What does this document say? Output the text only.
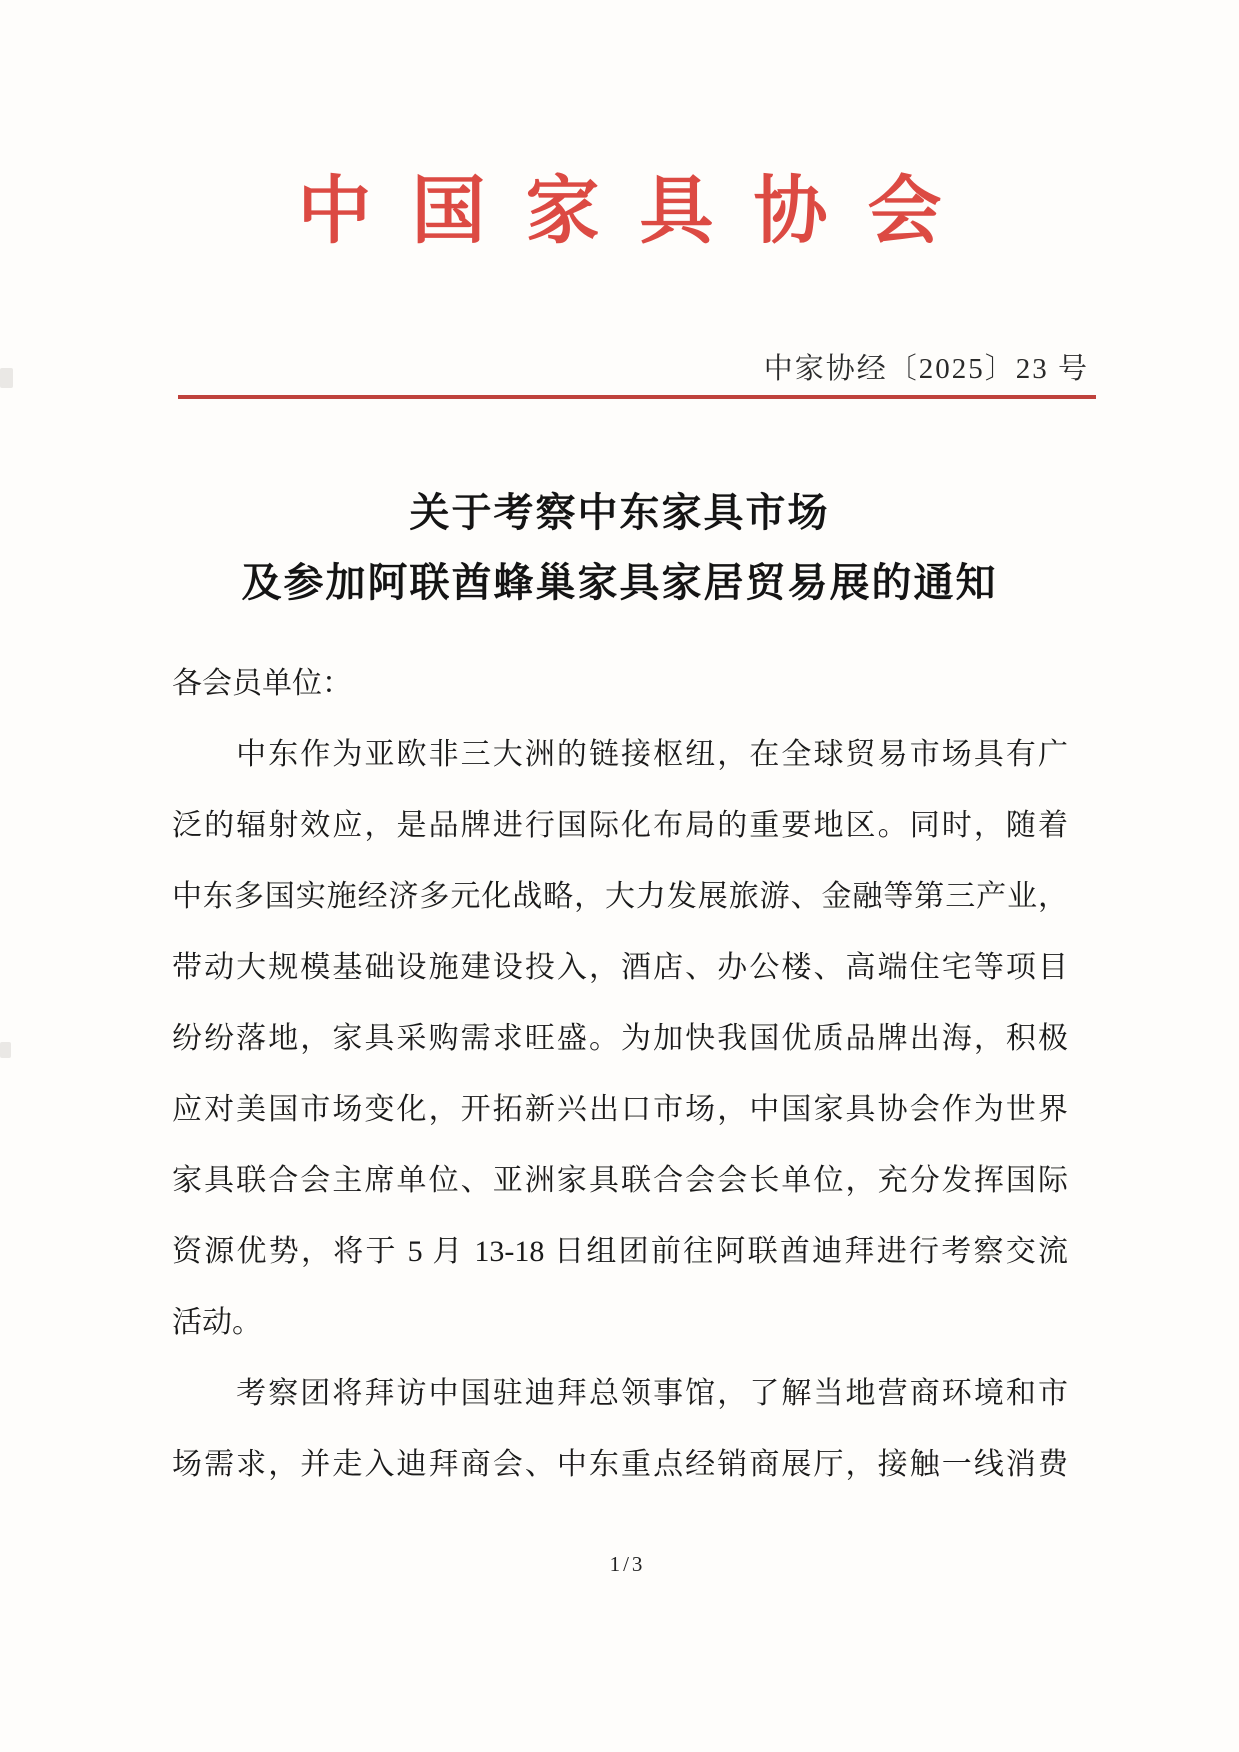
中国家具协会
中家协经〔2025〕23 号
关于考察中东家具市场
及参加阿联酋蜂巢家具家居贸易展的通知
各会员单位：
　　中东作为亚欧非三大洲的链接枢纽，在全球贸易市场具有广
泛的辐射效应，是品牌进行国际化布局的重要地区。同时，随着
中东多国实施经济多元化战略，大力发展旅游、金融等第三产业，
带动大规模基础设施建设投入，酒店、办公楼、高端住宅等项目
纷纷落地，家具采购需求旺盛。为加快我国优质品牌出海，积极
应对美国市场变化，开拓新兴出口市场，中国家具协会作为世界
家具联合会主席单位、亚洲家具联合会会长单位，充分发挥国际
资源优势，将于 5 月 13-18 日组团前往阿联酋迪拜进行考察交流
活动。
　　考察团将拜访中国驻迪拜总领事馆，了解当地营商环境和市
场需求，并走入迪拜商会、中东重点经销商展厅，接触一线消费
1/3
